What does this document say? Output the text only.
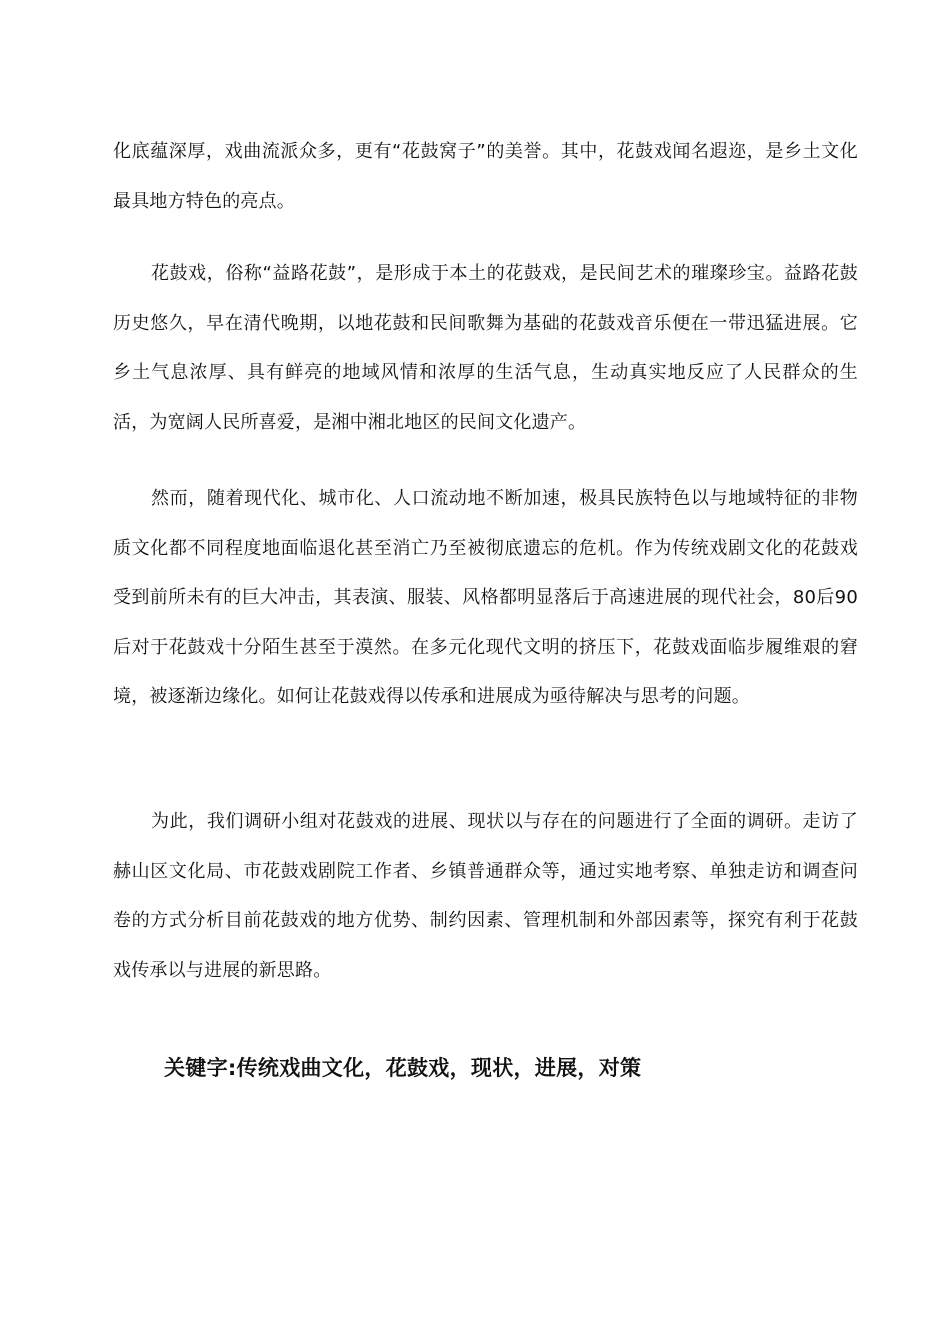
化底蕴深厚，戏曲流派众多，更有“花鼓窝子”的美誉。其中，花鼓戏闻名遐迩，是乡土文化最具地方特色的亮点。

花鼓戏，俗称“益路花鼓”，是形成于本土的花鼓戏，是民间艺术的璀璨珍宝。益路花鼓历史悠久，早在清代晚期，以地花鼓和民间歌舞为基础的花鼓戏音乐便在一带迅猛进展。它乡土气息浓厚、具有鲜亮的地域风情和浓厚的生活气息，生动真实地反应了人民群众的生活，为宽阔人民所喜爱，是湘中湘北地区的民间文化遗产。

然而，随着现代化、城市化、人口流动地不断加速，极具民族特色以与地域特征的非物质文化都不同程度地面临退化甚至消亡乃至被彻底遗忘的危机。作为传统戏剧文化的花鼓戏受到前所未有的巨大冲击，其表演、服装、风格都明显落后于高速进展的现代社会，80后90后对于花鼓戏十分陌生甚至于漠然。在多元化现代文明的挤压下，花鼓戏面临步履维艰的窘境，被逐渐边缘化。如何让花鼓戏得以传承和进展成为亟待解决与思考的问题。

为此，我们调研小组对花鼓戏的进展、现状以与存在的问题进行了全面的调研。走访了赫山区文化局、市花鼓戏剧院工作者、乡镇普通群众等，通过实地考察、单独走访和调查问卷的方式分析目前花鼓戏的地方优势、制约因素、管理机制和外部因素等，探究有利于花鼓戏传承以与进展的新思路。

关键字:传统戏曲文化，花鼓戏，现状，进展，对策
